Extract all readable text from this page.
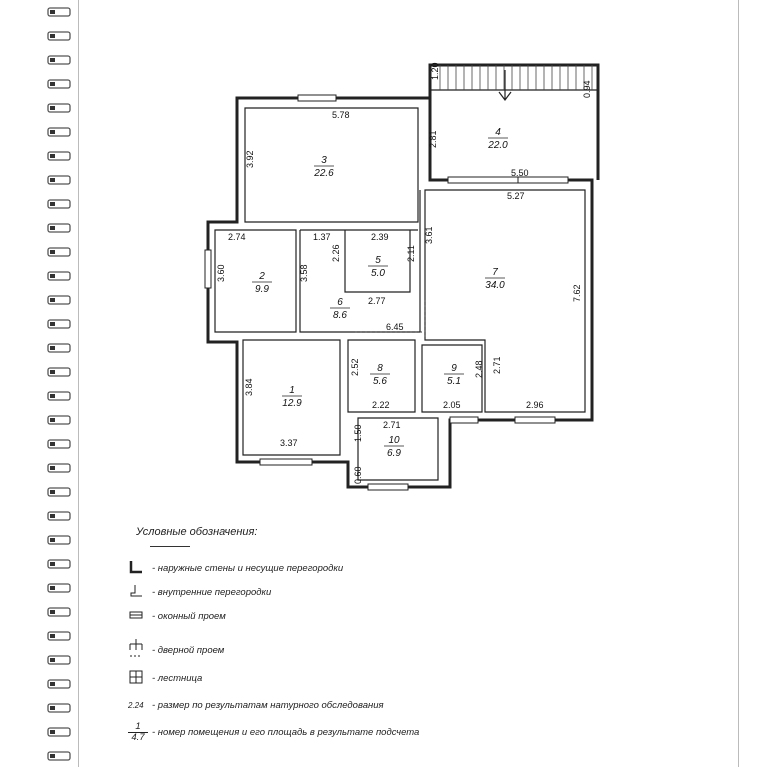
5.78
3.92
1.20
2.81
5.50
5.27
2.74	1.37	2.39
3.60	3.58
2.26	2.11
3.61
2.77	7.62
6.45
3.84
2.52	2.48 2.71
2.22	2.05	2.96
3.37
2.71
1.50
0.60
0.94
1
12.9
2
9.9
3
22.6
4
22.0
5
5.0
6
8.6
7
34.0
8
5.6
9
5.1
10
6.9
Условные обозначения:
- наружные стены и несущие перегородки
- внутренние перегородки
- оконный проем
- дверной проем
- лестница
2.24 - размер по результатам натурного обследования
$\frac{1}{4.7}$ - номер помещения и его площадь в результате подсчета
